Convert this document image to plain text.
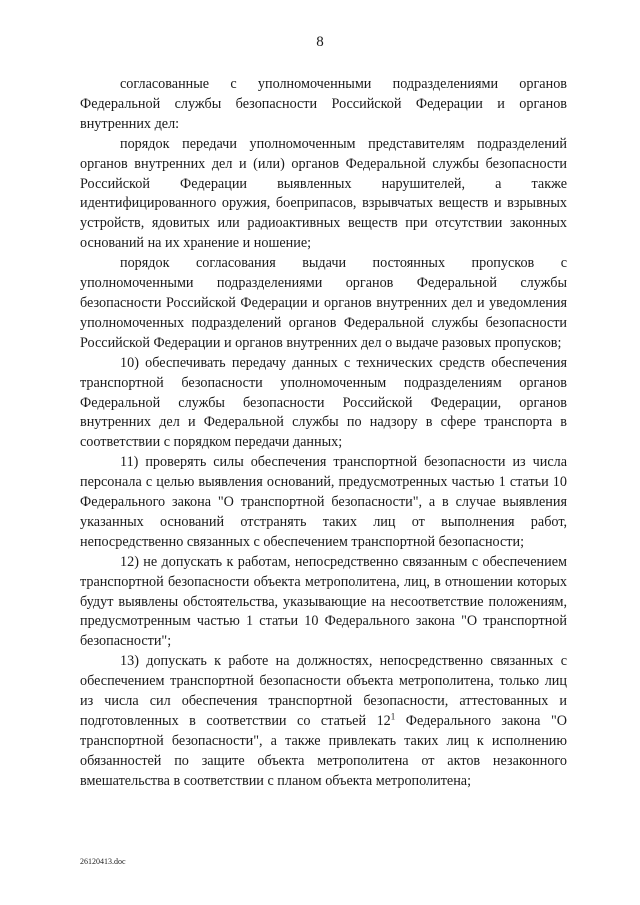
8

согласованные с уполномоченными подразделениями органов Федеральной службы безопасности Российской Федерации и органов внутренних дел:

порядок передачи уполномоченным представителям подразделений органов внутренних дел и (или) органов Федеральной службы безопасности Российской Федерации выявленных нарушителей, а также идентифицированного оружия, боеприпасов, взрывчатых веществ и взрывных устройств, ядовитых или радиоактивных веществ при отсутствии законных оснований на их хранение и ношение;

порядок согласования выдачи постоянных пропусков с уполномоченными подразделениями органов Федеральной службы безопасности Российской Федерации и органов внутренних дел и уведомления уполномоченных подразделений органов Федеральной службы безопасности Российской Федерации и органов внутренних дел о выдаче разовых пропусков;

10) обеспечивать передачу данных с технических средств обеспечения транспортной безопасности уполномоченным подразделениям органов Федеральной службы безопасности Российской Федерации, органов внутренних дел и Федеральной службы по надзору в сфере транспорта в соответствии с порядком передачи данных;

11) проверять силы обеспечения транспортной безопасности из числа персонала с целью выявления оснований, предусмотренных частью 1 статьи 10 Федерального закона "О транспортной безопасности", а в случае выявления указанных оснований отстранять таких лиц от выполнения работ, непосредственно связанных с обеспечением транспортной безопасности;

12) не допускать к работам, непосредственно связанным с обеспечением транспортной безопасности объекта метрополитена, лиц, в отношении которых будут выявлены обстоятельства, указывающие на несоответствие положениям, предусмотренным частью 1 статьи 10 Федерального закона "О транспортной безопасности";

13) допускать к работе на должностях, непосредственно связанных с обеспечением транспортной безопасности объекта метрополитена, только лиц из числа сил обеспечения транспортной безопасности, аттестованных и подготовленных в соответствии со статьей $12^1$ Федерального закона "О транспортной безопасности", а также привлекать таких лиц к исполнению обязанностей по защите объекта метрополитена от актов незаконного вмешательства в соответствии с планом объекта метрополитена;

26120413.doc
